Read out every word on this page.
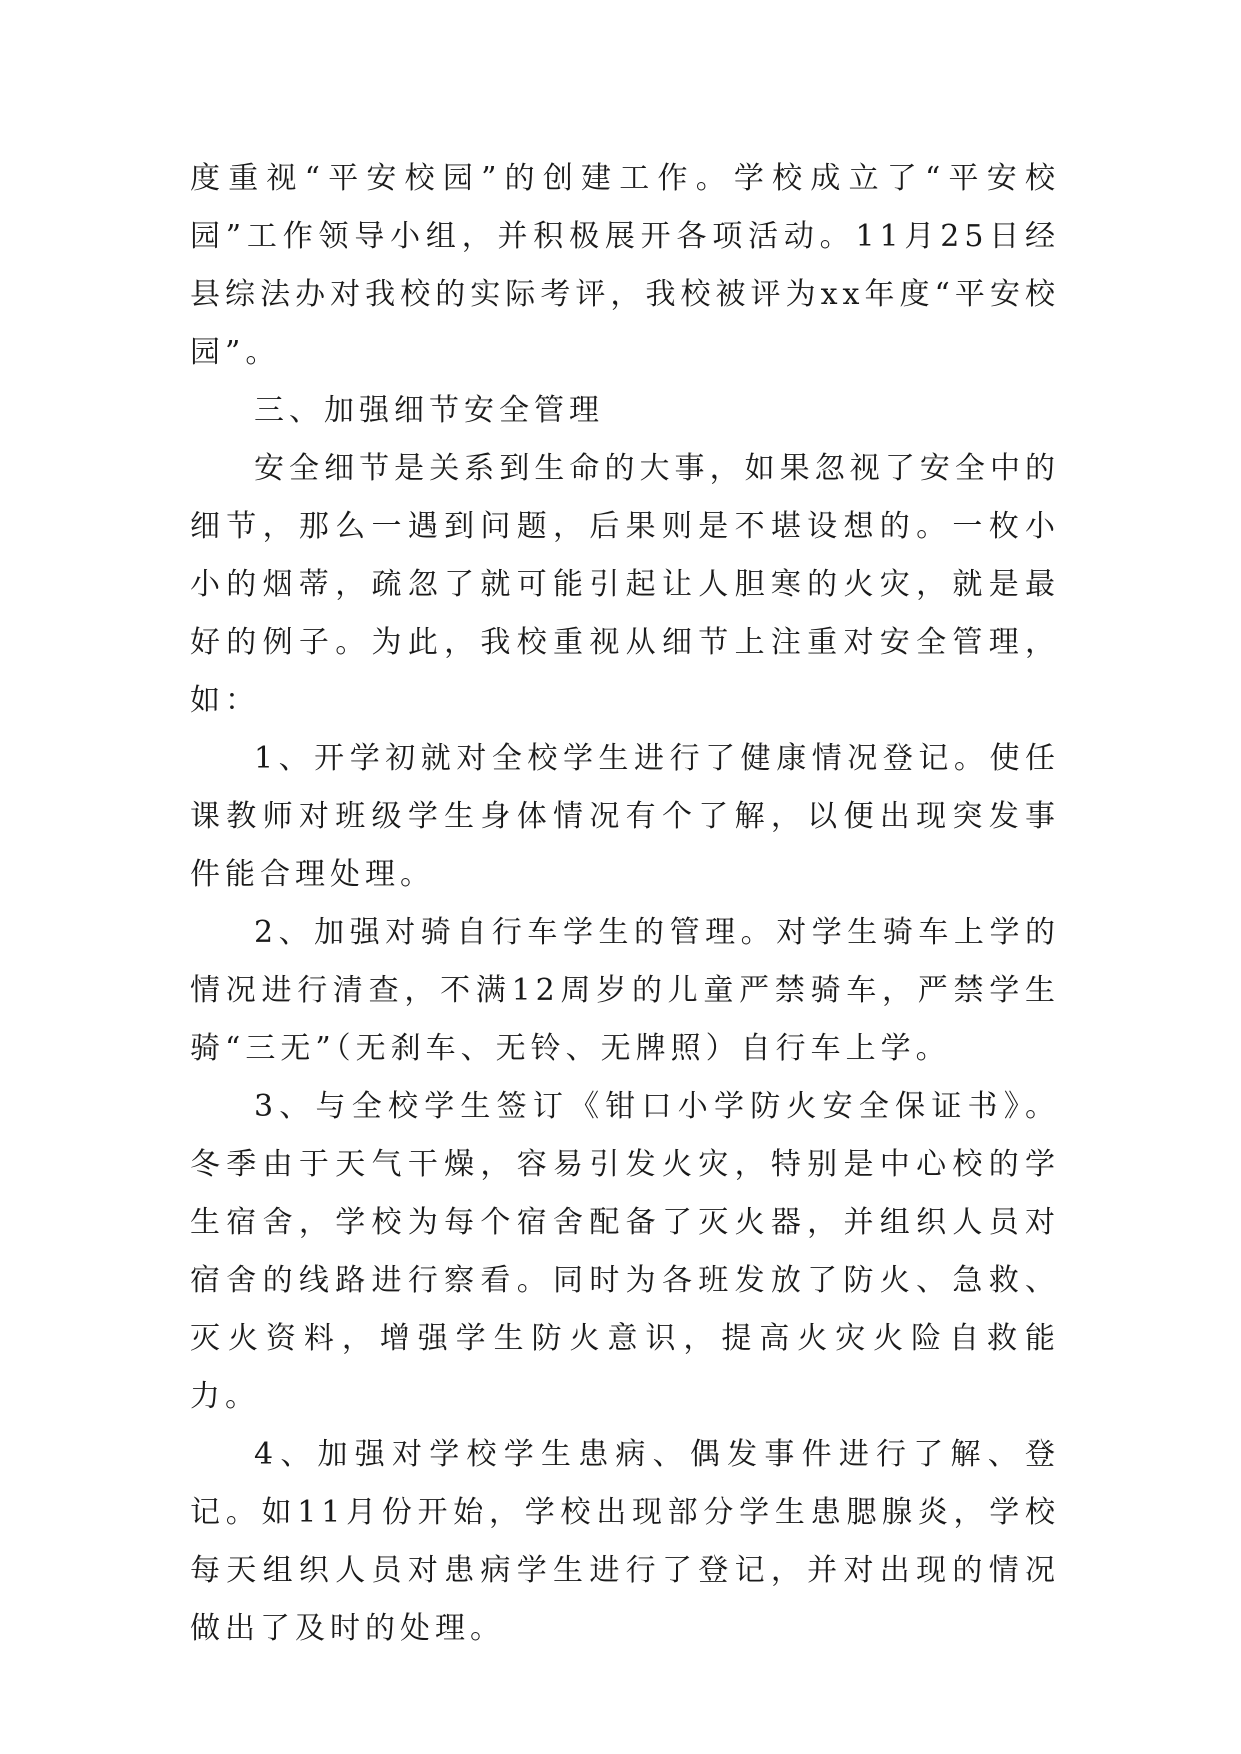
度重视“平安校园”的创建工作。学校成立了“平安校园”工作领导小组，并积极展开各项活动。11月25日经县综法办对我校的实际考评，我校被评为xx年度“平安校园”。

三、加强细节安全管理

安全细节是关系到生命的大事，如果忽视了安全中的细节，那么一遇到问题，后果则是不堪设想的。一枚小小的烟蒂，疏忽了就可能引起让人胆寒的火灾，就是最好的例子。为此，我校重视从细节上注重对安全管理，如：

1、开学初就对全校学生进行了健康情况登记。使任课教师对班级学生身体情况有个了解，以便出现突发事件能合理处理。

2、加强对骑自行车学生的管理。对学生骑车上学的情况进行清查，不满12周岁的儿童严禁骑车，严禁学生骑“三无”（无刹车、无铃、无牌照）自行车上学。

3、与全校学生签订《钳口小学防火安全保证书》。冬季由于天气干燥，容易引发火灾，特别是中心校的学生宿舍，学校为每个宿舍配备了灭火器，并组织人员对宿舍的线路进行察看。同时为各班发放了防火、急救、灭火资料，增强学生防火意识，提高火灾火险自救能力。

4、加强对学校学生患病、偶发事件进行了解、登记。如11月份开始，学校出现部分学生患腮腺炎，学校每天组织人员对患病学生进行了登记，并对出现的情况做出了及时的处理。
